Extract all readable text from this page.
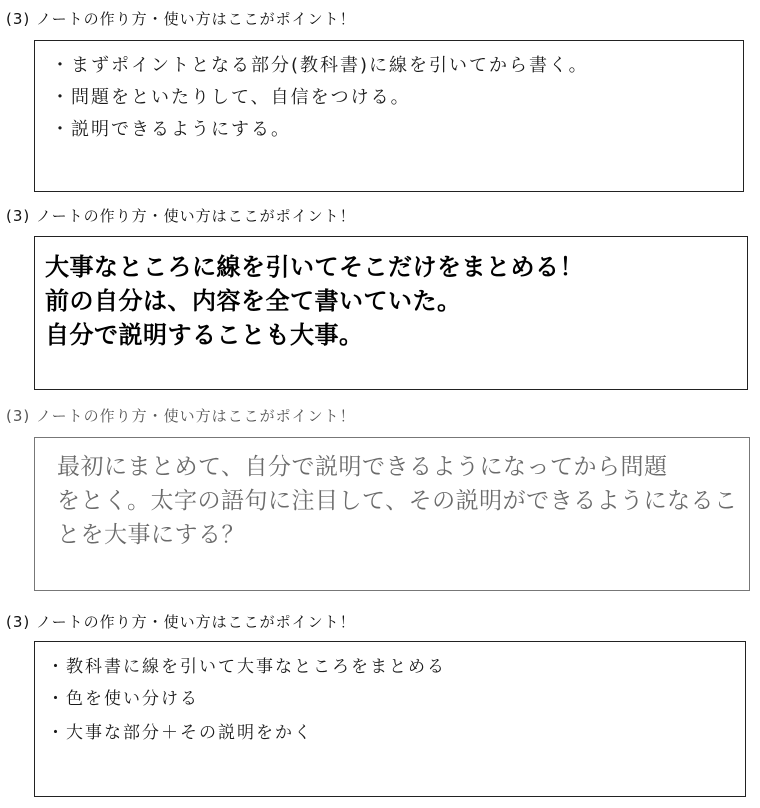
(3) ノートの作り方・使い方はここがポイント！
・まずポイントとなる部分(教科書)に線を引いてから書く。
・問題をといたりして、自信をつける。
・説明できるようにする。
(3) ノートの作り方・使い方はここがポイント！
大事なところに線を引いてそこだけをまとめる！
前の自分は、内容を全て書いていた。
自分で説明することも大事。
(3) ノートの作り方・使い方はここがポイント！
最初にまとめて、自分で説明できるようになってから問題
をとく。太字の語句に注目して、その説明ができるようになるこ
とを大事にする？
(3) ノートの作り方・使い方はここがポイント！
・教科書に線を引いて大事なところをまとめる
・色を使い分ける
・大事な部分＋その説明をかく
